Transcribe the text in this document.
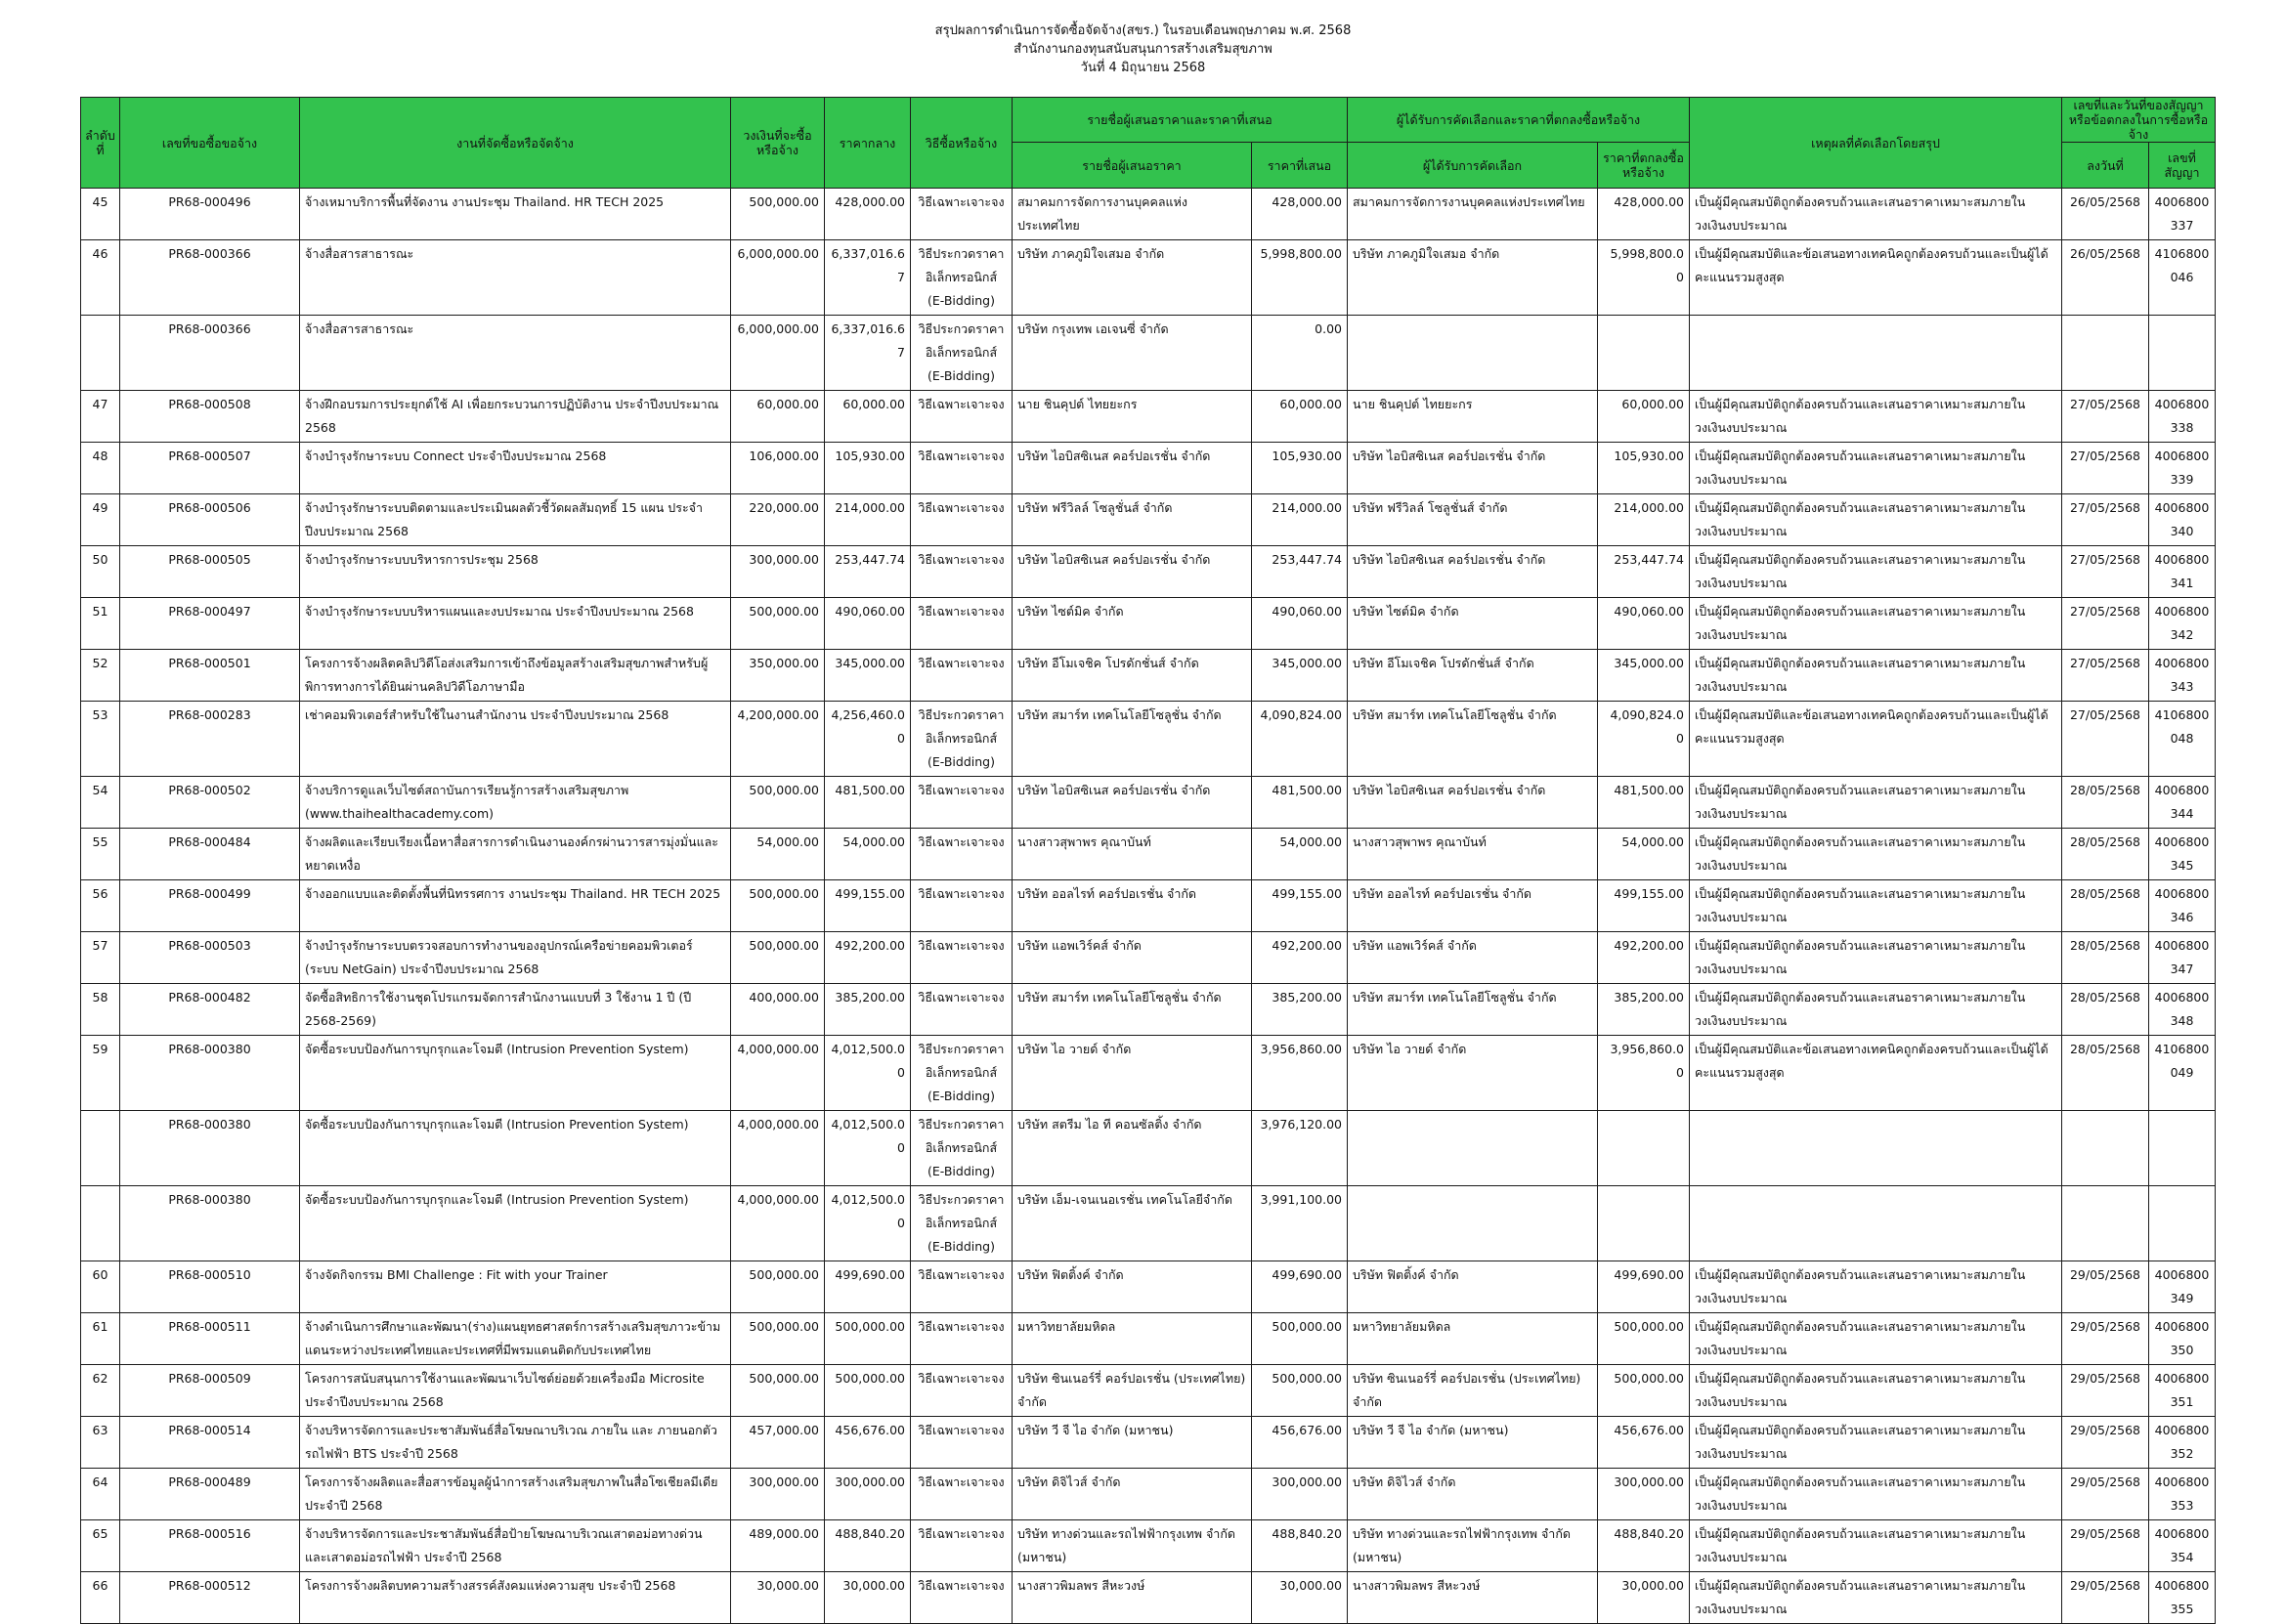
สรุปผลการดำเนินการจัดซื้อจัดจ้าง(สขร.) ในรอบเดือนพฤษภาคม พ.ศ. 2568
สำนักงานกองทุนสนับสนุนการสร้างเสริมสุขภาพ
วันที่ 4 มิถุนายน 2568
ลำดับที่	เลขที่ขอซื้อขอจ้าง	งานที่จัดซื้อหรือจัดจ้าง	วงเงินที่จะซื้อหรือจ้าง	ราคากลาง	วิธีซื้อหรือจ้าง	รายชื่อผู้เสนอราคาและราคาที่เสนอ		ผู้ได้รับการคัดเลือกและราคาที่ตกลงซื้อหรือจ้าง		เหตุผลที่คัดเลือกโดยสรุป	เลขที่และวันที่ของสัญญาหรือข้อตกลงในการซื้อหรือจ้าง	
						รายชื่อผู้เสนอราคา	ราคาที่เสนอ	ผู้ได้รับการคัดเลือก	ราคาที่ตกลงซื้อหรือจ้าง		ลงวันที่	เลขที่สัญญา
45	PR68-000496	จ้างเหมาบริการพื้นที่จัดงาน งานประชุม Thailand. HR TECH 2025	500,000.00	428,000.00	วิธีเฉพาะเจาะจง	สมาคมการจัดการงานบุคคลแห่งประเทศไทย	428,000.00	สมาคมการจัดการงานบุคคลแห่งประเทศไทย	428,000.00	เป็นผู้มีคุณสมบัติถูกต้องครบถ้วนและเสนอราคาเหมาะสมภายในวงเงินงบประมาณ	26/05/2568	4006800337
46	PR68-000366	จ้างสื่อสารสาธารณะ	6,000,000.00	6,337,016.67	วิธีประกวดราคาอิเล็กทรอนิกส์ (E-Bidding)	บริษัท ภาคภูมิใจเสมอ จำกัด	5,998,800.00	บริษัท ภาคภูมิใจเสมอ จำกัด	5,998,800.00	เป็นผู้มีคุณสมบัติและข้อเสนอทางเทคนิคถูกต้องครบถ้วนและเป็นผู้ได้คะแนนรวมสูงสุด	26/05/2568	4106800046
	PR68-000366	จ้างสื่อสารสาธารณะ	6,000,000.00	6,337,016.67	วิธีประกวดราคาอิเล็กทรอนิกส์ (E-Bidding)	บริษัท กรุงเทพ เอเจนซี่ จำกัด	0.00					
47	PR68-000508	จ้างฝึกอบรมการประยุกต์ใช้ AI เพื่อยกระบวนการปฏิบัติงาน ประจำปีงบประมาณ 2568	60,000.00	60,000.00	วิธีเฉพาะเจาะจง	นาย ชินคุปต์ ไทยยะกร	60,000.00	นาย ชินคุปต์ ไทยยะกร	60,000.00	เป็นผู้มีคุณสมบัติถูกต้องครบถ้วนและเสนอราคาเหมาะสมภายในวงเงินงบประมาณ	27/05/2568	4006800338
48	PR68-000507	จ้างบำรุงรักษาระบบ Connect ประจำปีงบประมาณ 2568	106,000.00	105,930.00	วิธีเฉพาะเจาะจง	บริษัท ไอบิสซิเนส คอร์ปอเรชั่น จำกัด	105,930.00	บริษัท ไอบิสซิเนส คอร์ปอเรชั่น จำกัด	105,930.00	เป็นผู้มีคุณสมบัติถูกต้องครบถ้วนและเสนอราคาเหมาะสมภายในวงเงินงบประมาณ	27/05/2568	4006800339
49	PR68-000506	จ้างบำรุงรักษาระบบติดตามและประเมินผลตัวชี้วัดผลสัมฤทธิ์ 15 แผน ประจำปีงบประมาณ 2568	220,000.00	214,000.00	วิธีเฉพาะเจาะจง	บริษัท ฟรีวิลล์ โซลูชั่นส์ จำกัด	214,000.00	บริษัท ฟรีวิลล์ โซลูชั่นส์ จำกัด	214,000.00	เป็นผู้มีคุณสมบัติถูกต้องครบถ้วนและเสนอราคาเหมาะสมภายในวงเงินงบประมาณ	27/05/2568	4006800340
50	PR68-000505	จ้างบำรุงรักษาระบบบริหารการประชุม 2568	300,000.00	253,447.74	วิธีเฉพาะเจาะจง	บริษัท ไอบิสซิเนส คอร์ปอเรชั่น จำกัด	253,447.74	บริษัท ไอบิสซิเนส คอร์ปอเรชั่น จำกัด	253,447.74	เป็นผู้มีคุณสมบัติถูกต้องครบถ้วนและเสนอราคาเหมาะสมภายในวงเงินงบประมาณ	27/05/2568	4006800341
51	PR68-000497	จ้างบำรุงรักษาระบบบริหารแผนและงบประมาณ ประจำปีงบประมาณ 2568	500,000.00	490,060.00	วิธีเฉพาะเจาะจง	บริษัท ไซต์มิค จำกัด	490,060.00	บริษัท ไซต์มิค จำกัด	490,060.00	เป็นผู้มีคุณสมบัติถูกต้องครบถ้วนและเสนอราคาเหมาะสมภายในวงเงินงบประมาณ	27/05/2568	4006800342
52	PR68-000501	โครงการจ้างผลิตคลิปวิดีโอส่งเสริมการเข้าถึงข้อมูลสร้างเสริมสุขภาพสำหรับผู้พิการทางการได้ยินผ่านคลิปวิดีโอภาษามือ	350,000.00	345,000.00	วิธีเฉพาะเจาะจง	บริษัท อีโมเจชิค โปรดักชั่นส์ จำกัด	345,000.00	บริษัท อีโมเจชิค โปรดักชั่นส์ จำกัด	345,000.00	เป็นผู้มีคุณสมบัติถูกต้องครบถ้วนและเสนอราคาเหมาะสมภายในวงเงินงบประมาณ	27/05/2568	4006800343
53	PR68-000283	เช่าคอมพิวเตอร์สำหรับใช้ในงานสำนักงาน ประจำปีงบประมาณ 2568	4,200,000.00	4,256,460.00	วิธีประกวดราคาอิเล็กทรอนิกส์ (E-Bidding)	บริษัท สมาร์ท เทคโนโลยีโซลูชั่น จำกัด	4,090,824.00	บริษัท สมาร์ท เทคโนโลยีโซลูชั่น จำกัด	4,090,824.00	เป็นผู้มีคุณสมบัติและข้อเสนอทางเทคนิคถูกต้องครบถ้วนและเป็นผู้ได้คะแนนรวมสูงสุด	27/05/2568	4106800048
54	PR68-000502	จ้างบริการดูแลเว็บไซต์สถาบันการเรียนรู้การสร้างเสริมสุขภาพ (www.thaihealthacademy.com)	500,000.00	481,500.00	วิธีเฉพาะเจาะจง	บริษัท ไอบิสซิเนส คอร์ปอเรชั่น จำกัด	481,500.00	บริษัท ไอบิสซิเนส คอร์ปอเรชั่น จำกัด	481,500.00	เป็นผู้มีคุณสมบัติถูกต้องครบถ้วนและเสนอราคาเหมาะสมภายในวงเงินงบประมาณ	28/05/2568	4006800344
55	PR68-000484	จ้างผลิตและเรียบเรียงเนื้อหาสื่อสารการดำเนินงานองค์กรผ่านวารสารมุ่งมั่นและหยาดเหงื่อ	54,000.00	54,000.00	วิธีเฉพาะเจาะจง	นางสาวสุพาพร คุณาบันท์	54,000.00	นางสาวสุพาพร คุณาบันท์	54,000.00	เป็นผู้มีคุณสมบัติถูกต้องครบถ้วนและเสนอราคาเหมาะสมภายในวงเงินงบประมาณ	28/05/2568	4006800345
56	PR68-000499	จ้างออกแบบและติดตั้งพื้นที่นิทรรศการ งานประชุม Thailand. HR TECH 2025	500,000.00	499,155.00	วิธีเฉพาะเจาะจง	บริษัท ออลไรท์ คอร์ปอเรชั่น จำกัด	499,155.00	บริษัท ออลไรท์ คอร์ปอเรชั่น จำกัด	499,155.00	เป็นผู้มีคุณสมบัติถูกต้องครบถ้วนและเสนอราคาเหมาะสมภายในวงเงินงบประมาณ	28/05/2568	4006800346
57	PR68-000503	จ้างบำรุงรักษาระบบตรวจสอบการทำงานของอุปกรณ์เครือข่ายคอมพิวเตอร์ (ระบบ NetGain) ประจำปีงบประมาณ 2568	500,000.00	492,200.00	วิธีเฉพาะเจาะจง	บริษัท แอพเวิร์คส์ จำกัด	492,200.00	บริษัท แอพเวิร์คส์ จำกัด	492,200.00	เป็นผู้มีคุณสมบัติถูกต้องครบถ้วนและเสนอราคาเหมาะสมภายในวงเงินงบประมาณ	28/05/2568	4006800347
58	PR68-000482	จัดซื้อสิทธิการใช้งานชุดโปรแกรมจัดการสำนักงานแบบที่ 3 ใช้งาน 1 ปี (ปี 2568-2569)	400,000.00	385,200.00	วิธีเฉพาะเจาะจง	บริษัท สมาร์ท เทคโนโลยีโซลูชั่น จำกัด	385,200.00	บริษัท สมาร์ท เทคโนโลยีโซลูชั่น จำกัด	385,200.00	เป็นผู้มีคุณสมบัติถูกต้องครบถ้วนและเสนอราคาเหมาะสมภายในวงเงินงบประมาณ	28/05/2568	4006800348
59	PR68-000380	จัดซื้อระบบป้องกันการบุกรุกและโจมตี (Intrusion Prevention System)	4,000,000.00	4,012,500.00	วิธีประกวดราคาอิเล็กทรอนิกส์ (E-Bidding)	บริษัท ไอ วายด์ จำกัด	3,956,860.00	บริษัท ไอ วายด์ จำกัด	3,956,860.00	เป็นผู้มีคุณสมบัติและข้อเสนอทางเทคนิคถูกต้องครบถ้วนและเป็นผู้ได้คะแนนรวมสูงสุด	28/05/2568	4106800049
	PR68-000380	จัดซื้อระบบป้องกันการบุกรุกและโจมตี (Intrusion Prevention System)	4,000,000.00	4,012,500.00	วิธีประกวดราคาอิเล็กทรอนิกส์ (E-Bidding)	บริษัท สตรีม ไอ ที คอนซัลติ้ง จำกัด	3,976,120.00					
	PR68-000380	จัดซื้อระบบป้องกันการบุกรุกและโจมตี (Intrusion Prevention System)	4,000,000.00	4,012,500.00	วิธีประกวดราคาอิเล็กทรอนิกส์ (E-Bidding)	บริษัท เอ็ม-เจนเนอเรชั่น เทคโนโลยีจำกัด	3,991,100.00					
60	PR68-000510	จ้างจัดกิจกรรม BMI Challenge : Fit with your Trainer	500,000.00	499,690.00	วิธีเฉพาะเจาะจง	บริษัท ฟิตติ้งค์ จำกัด	499,690.00	บริษัท ฟิตติ้งค์ จำกัด	499,690.00	เป็นผู้มีคุณสมบัติถูกต้องครบถ้วนและเสนอราคาเหมาะสมภายในวงเงินงบประมาณ	29/05/2568	4006800349
61	PR68-000511	จ้างดำเนินการศึกษาและพัฒนา(ร่าง)แผนยุทธศาสตร์การสร้างเสริมสุขภาวะข้ามแดนระหว่างประเทศไทยและประเทศที่มีพรมแดนติดกับประเทศไทย	500,000.00	500,000.00	วิธีเฉพาะเจาะจง	มหาวิทยาลัยมหิดล	500,000.00	มหาวิทยาลัยมหิดล	500,000.00	เป็นผู้มีคุณสมบัติถูกต้องครบถ้วนและเสนอราคาเหมาะสมภายในวงเงินงบประมาณ	29/05/2568	4006800350
62	PR68-000509	โครงการสนับสนุนการใช้งานและพัฒนาเว็บไซต์ย่อยด้วยเครื่องมือ Microsite ประจำปีงบประมาณ 2568	500,000.00	500,000.00	วิธีเฉพาะเจาะจง	บริษัท ซินเนอร์รี่ คอร์ปอเรชั่น (ประเทศไทย) จำกัด	500,000.00	บริษัท ซินเนอร์รี่ คอร์ปอเรชั่น (ประเทศไทย) จำกัด	500,000.00	เป็นผู้มีคุณสมบัติถูกต้องครบถ้วนและเสนอราคาเหมาะสมภายในวงเงินงบประมาณ	29/05/2568	4006800351
63	PR68-000514	จ้างบริหารจัดการและประชาสัมพันธ์สื่อโฆษณาบริเวณ ภายใน และ ภายนอกตัวรถไฟฟ้า BTS ประจำปี 2568	457,000.00	456,676.00	วิธีเฉพาะเจาะจง	บริษัท วี จี ไอ จำกัด (มหาชน)	456,676.00	บริษัท วี จี ไอ จำกัด (มหาชน)	456,676.00	เป็นผู้มีคุณสมบัติถูกต้องครบถ้วนและเสนอราคาเหมาะสมภายในวงเงินงบประมาณ	29/05/2568	4006800352
64	PR68-000489	โครงการจ้างผลิตและสื่อสารข้อมูลผู้นำการสร้างเสริมสุขภาพในสื่อโซเชียลมีเดีย ประจำปี 2568	300,000.00	300,000.00	วิธีเฉพาะเจาะจง	บริษัท ดิจิไวส์ จำกัด	300,000.00	บริษัท ดิจิไวส์ จำกัด	300,000.00	เป็นผู้มีคุณสมบัติถูกต้องครบถ้วนและเสนอราคาเหมาะสมภายในวงเงินงบประมาณ	29/05/2568	4006800353
65	PR68-000516	จ้างบริหารจัดการและประชาสัมพันธ์สื่อป้ายโฆษณาบริเวณเสาตอม่อทางด่วน และเสาตอม่อรถไฟฟ้า ประจำปี 2568	489,000.00	488,840.20	วิธีเฉพาะเจาะจง	บริษัท ทางด่วนและรถไฟฟ้ากรุงเทพ จำกัด (มหาชน)	488,840.20	บริษัท ทางด่วนและรถไฟฟ้ากรุงเทพ จำกัด (มหาชน)	488,840.20	เป็นผู้มีคุณสมบัติถูกต้องครบถ้วนและเสนอราคาเหมาะสมภายในวงเงินงบประมาณ	29/05/2568	4006800354
66	PR68-000512	โครงการจ้างผลิตบทความสร้างสรรค์สังคมแห่งความสุข ประจำปี 2568	30,000.00	30,000.00	วิธีเฉพาะเจาะจง	นางสาวพิมลพร สีหะวงษ์	30,000.00	นางสาวพิมลพร สีหะวงษ์	30,000.00	เป็นผู้มีคุณสมบัติถูกต้องครบถ้วนและเสนอราคาเหมาะสมภายในวงเงินงบประมาณ	29/05/2568	4006800355
